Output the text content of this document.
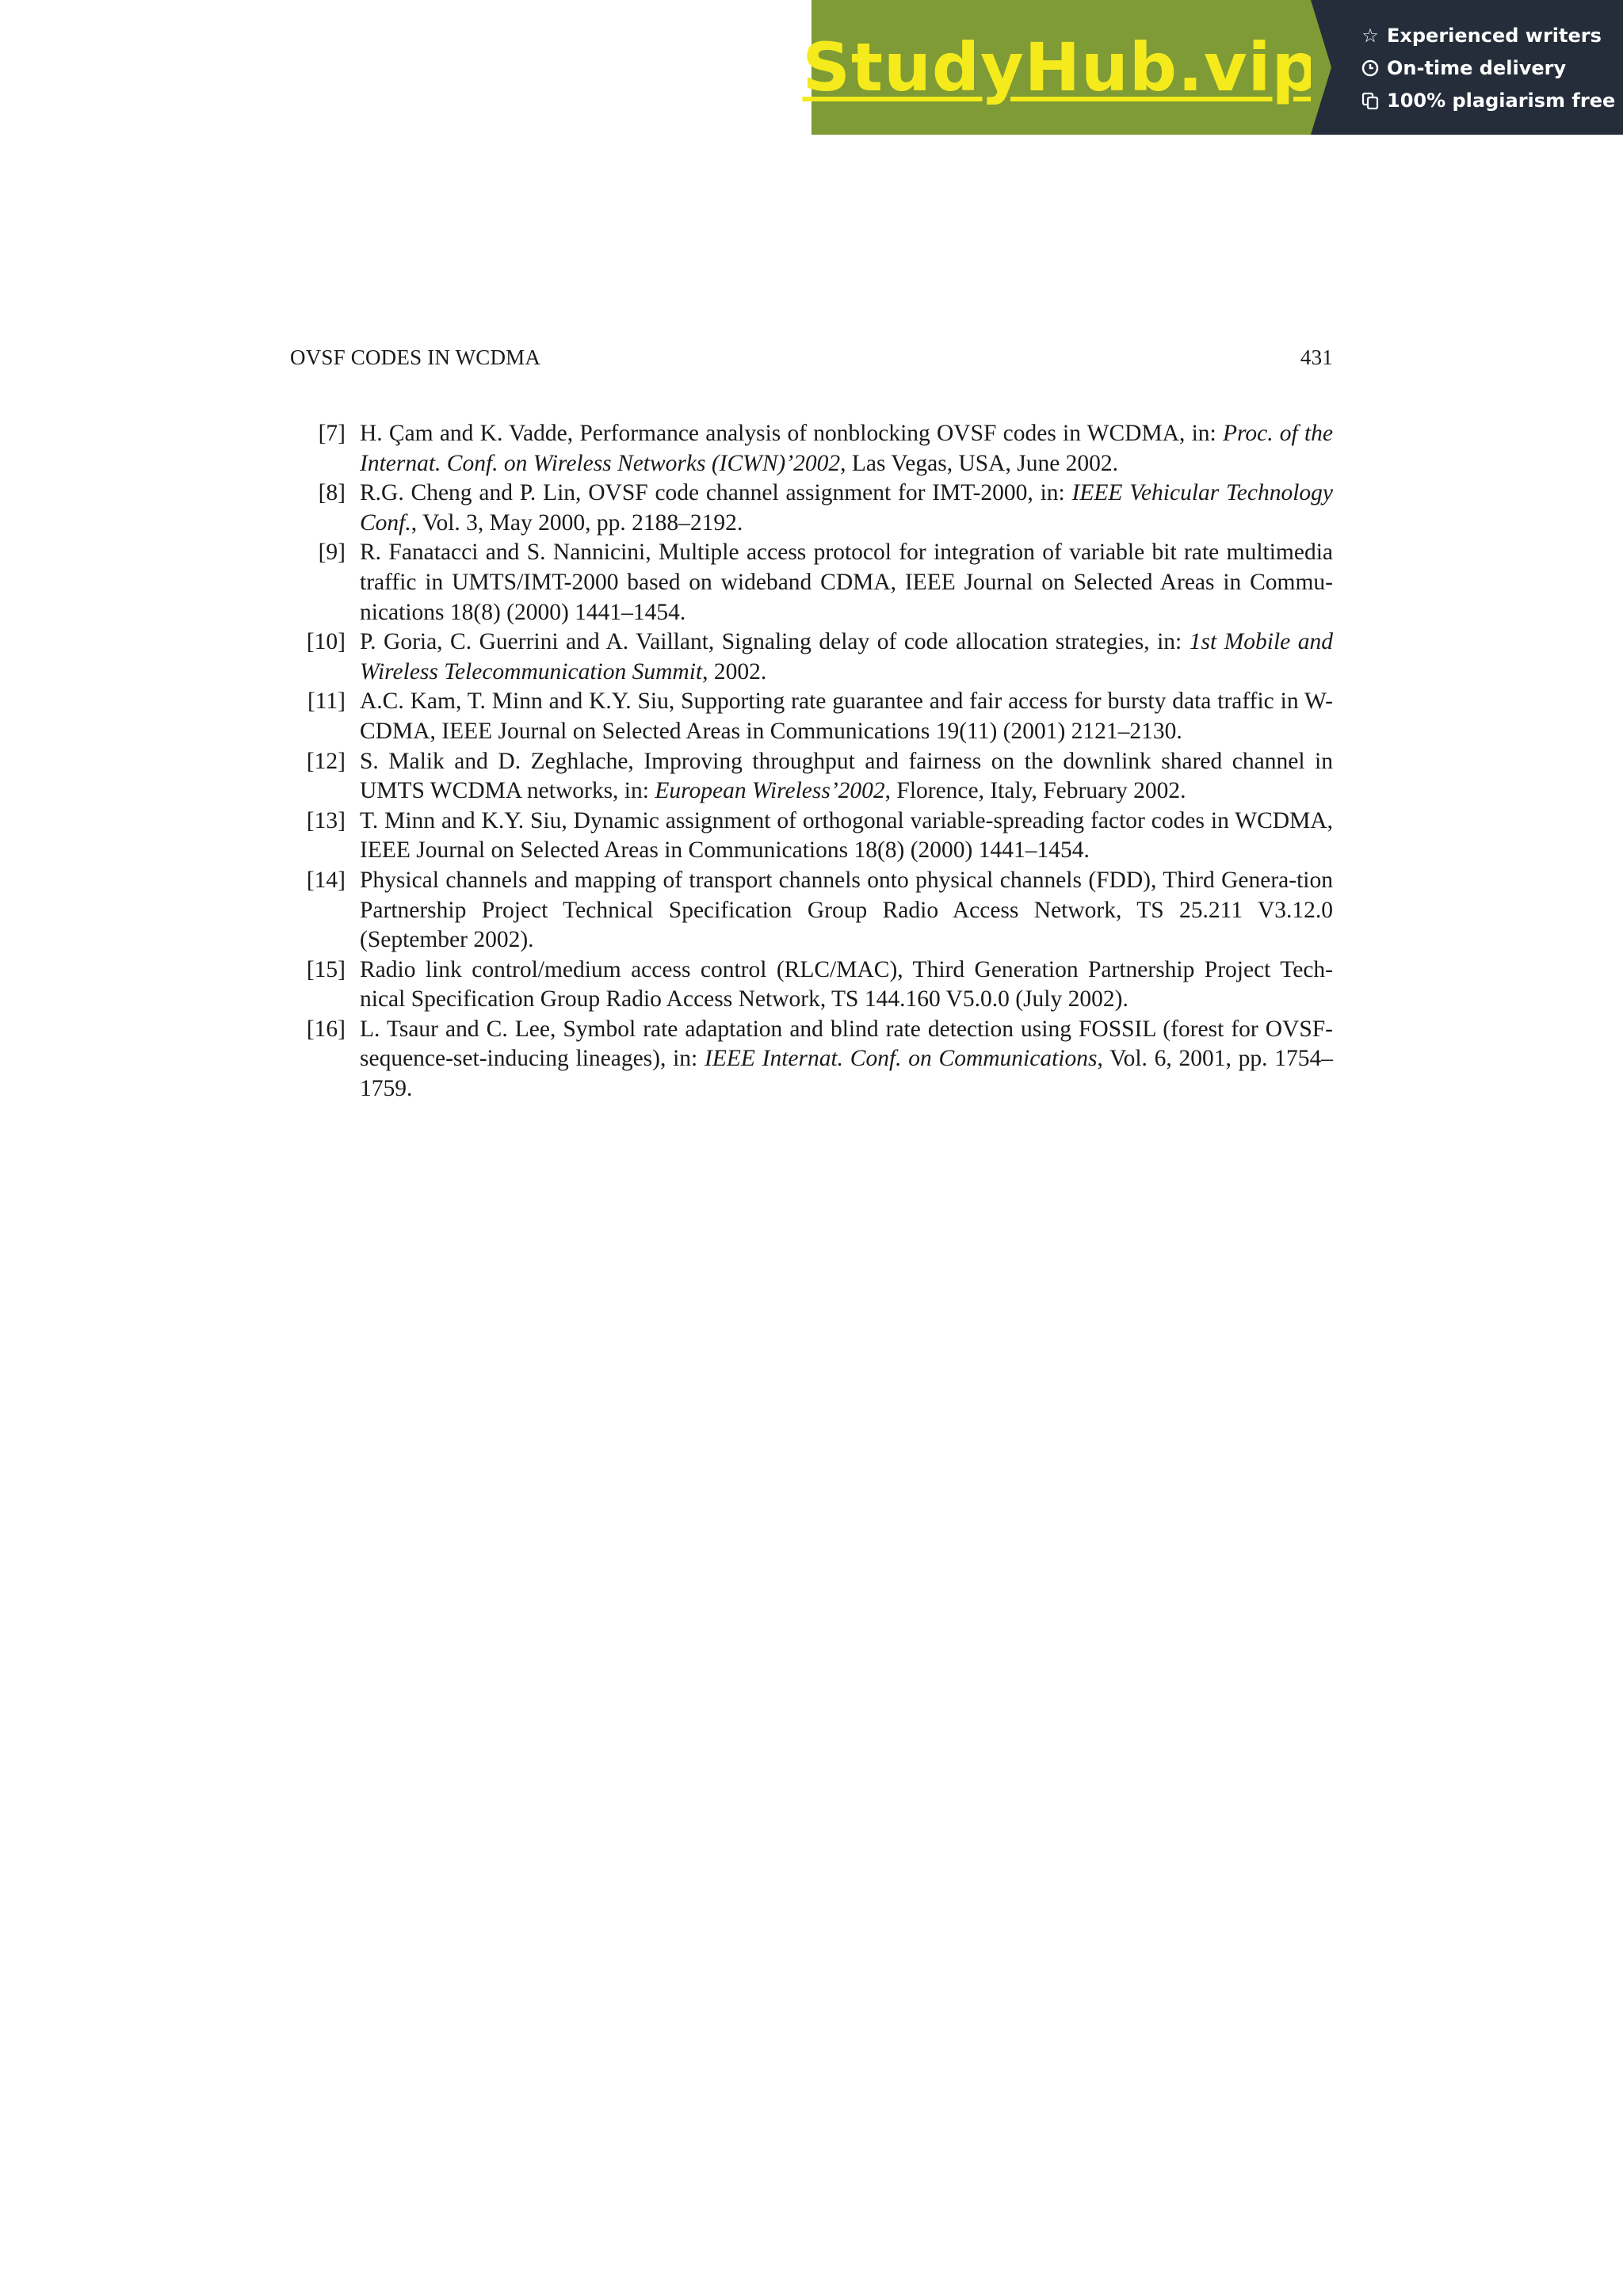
StudyHub.vip ☆ Experienced writers
On-time delivery
100% plagiarism free
OVSF CODES IN WCDMA	431
[7] H. Çam and K. Vadde, Performance analysis of nonblocking OVSF codes in WCDMA, in: Proc. of the Internat. Conf. on Wireless Networks (ICWN)’2002, Las Vegas, USA, June 2002.
[8] R.G. Cheng and P. Lin, OVSF code channel assignment for IMT-2000, in: IEEE Vehicular Technology Conf., Vol. 3, May 2000, pp. 2188–2192.
[9] R. Fanatacci and S. Nannicini, Multiple access protocol for integration of variable bit rate multimedia traffic in UMTS/IMT-2000 based on wideband CDMA, IEEE Journal on Selected Areas in Commu-nications 18(8) (2000) 1441–1454.
[10] P. Goria, C. Guerrini and A. Vaillant, Signaling delay of code allocation strategies, in: 1st Mobile and Wireless Telecommunication Summit, 2002.
[11] A.C. Kam, T. Minn and K.Y. Siu, Supporting rate guarantee and fair access for bursty data traffic in W-CDMA, IEEE Journal on Selected Areas in Communications 19(11) (2001) 2121–2130.
[12] S. Malik and D. Zeghlache, Improving throughput and fairness on the downlink shared channel in UMTS WCDMA networks, in: European Wireless’2002, Florence, Italy, February 2002.
[13] T. Minn and K.Y. Siu, Dynamic assignment of orthogonal variable-spreading factor codes in WCDMA, IEEE Journal on Selected Areas in Communications 18(8) (2000) 1441–1454.
[14] Physical channels and mapping of transport channels onto physical channels (FDD), Third Genera-tion Partnership Project Technical Specification Group Radio Access Network, TS 25.211 V3.12.0 (September 2002).
[15] Radio link control/medium access control (RLC/MAC), Third Generation Partnership Project Tech-nical Specification Group Radio Access Network, TS 144.160 V5.0.0 (July 2002).
[16] L. Tsaur and C. Lee, Symbol rate adaptation and blind rate detection using FOSSIL (forest for OVSF-sequence-set-inducing lineages), in: IEEE Internat. Conf. on Communications, Vol. 6, 2001, pp. 1754–1759.
